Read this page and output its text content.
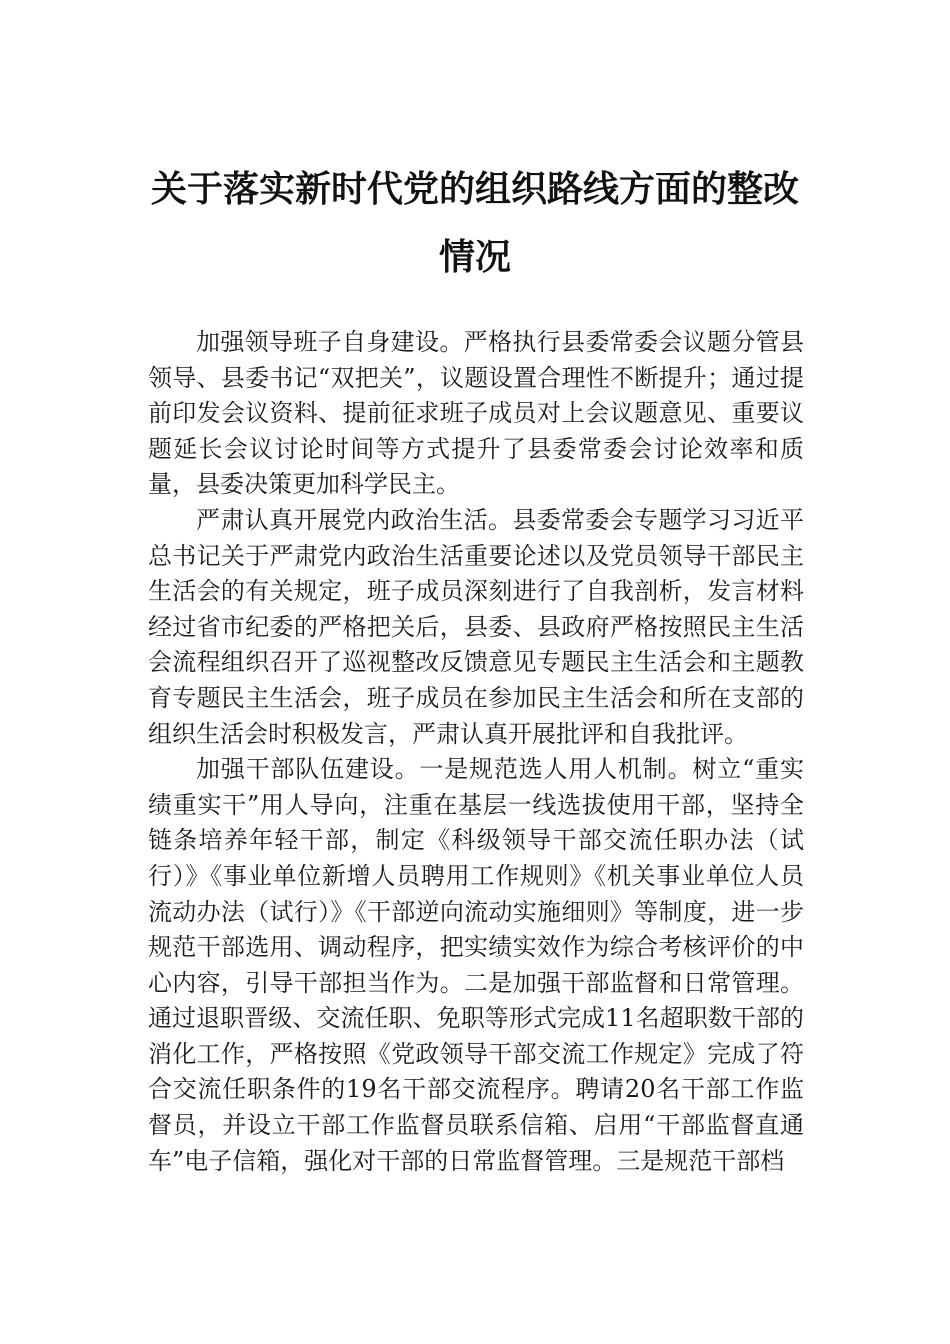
关于落实新时代党的组织路线方面的整改
情况

加强领导班子自身建设。严格执行县委常委会议题分管县领导、县委书记“双把关”，议题设置合理性不断提升；通过提前印发会议资料、提前征求班子成员对上会议题意见、重要议题延长会议讨论时间等方式提升了县委常委会讨论效率和质量，县委决策更加科学民主。

严肃认真开展党内政治生活。县委常委会专题学习习近平总书记关于严肃党内政治生活重要论述以及党员领导干部民主生活会的有关规定，班子成员深刻进行了自我剖析，发言材料经过省市纪委的严格把关后，县委、县政府严格按照民主生活会流程组织召开了巡视整改反馈意见专题民主生活会和主题教育专题民主生活会，班子成员在参加民主生活会和所在支部的组织生活会时积极发言，严肃认真开展批评和自我批评。

加强干部队伍建设。一是规范选人用人机制。树立“重实绩重实干”用人导向，注重在基层一线选拔使用干部，坚持全链条培养年轻干部，制定《科级领导干部交流任职办法（试行）》《事业单位新增人员聘用工作规则》《机关事业单位人员流动办法（试行）》《干部逆向流动实施细则》等制度，进一步规范干部选用、调动程序，把实绩实效作为综合考核评价的中心内容，引导干部担当作为。二是加强干部监督和日常管理。通过退职晋级、交流任职、免职等形式完成11名超职数干部的消化工作，严格按照《党政领导干部交流工作规定》完成了符合交流任职条件的19名干部交流程序。聘请20名干部工作监督员，并设立干部工作监督员联系信箱、启用“干部监督直通车”电子信箱，强化对干部的日常监督管理。三是规范干部档
